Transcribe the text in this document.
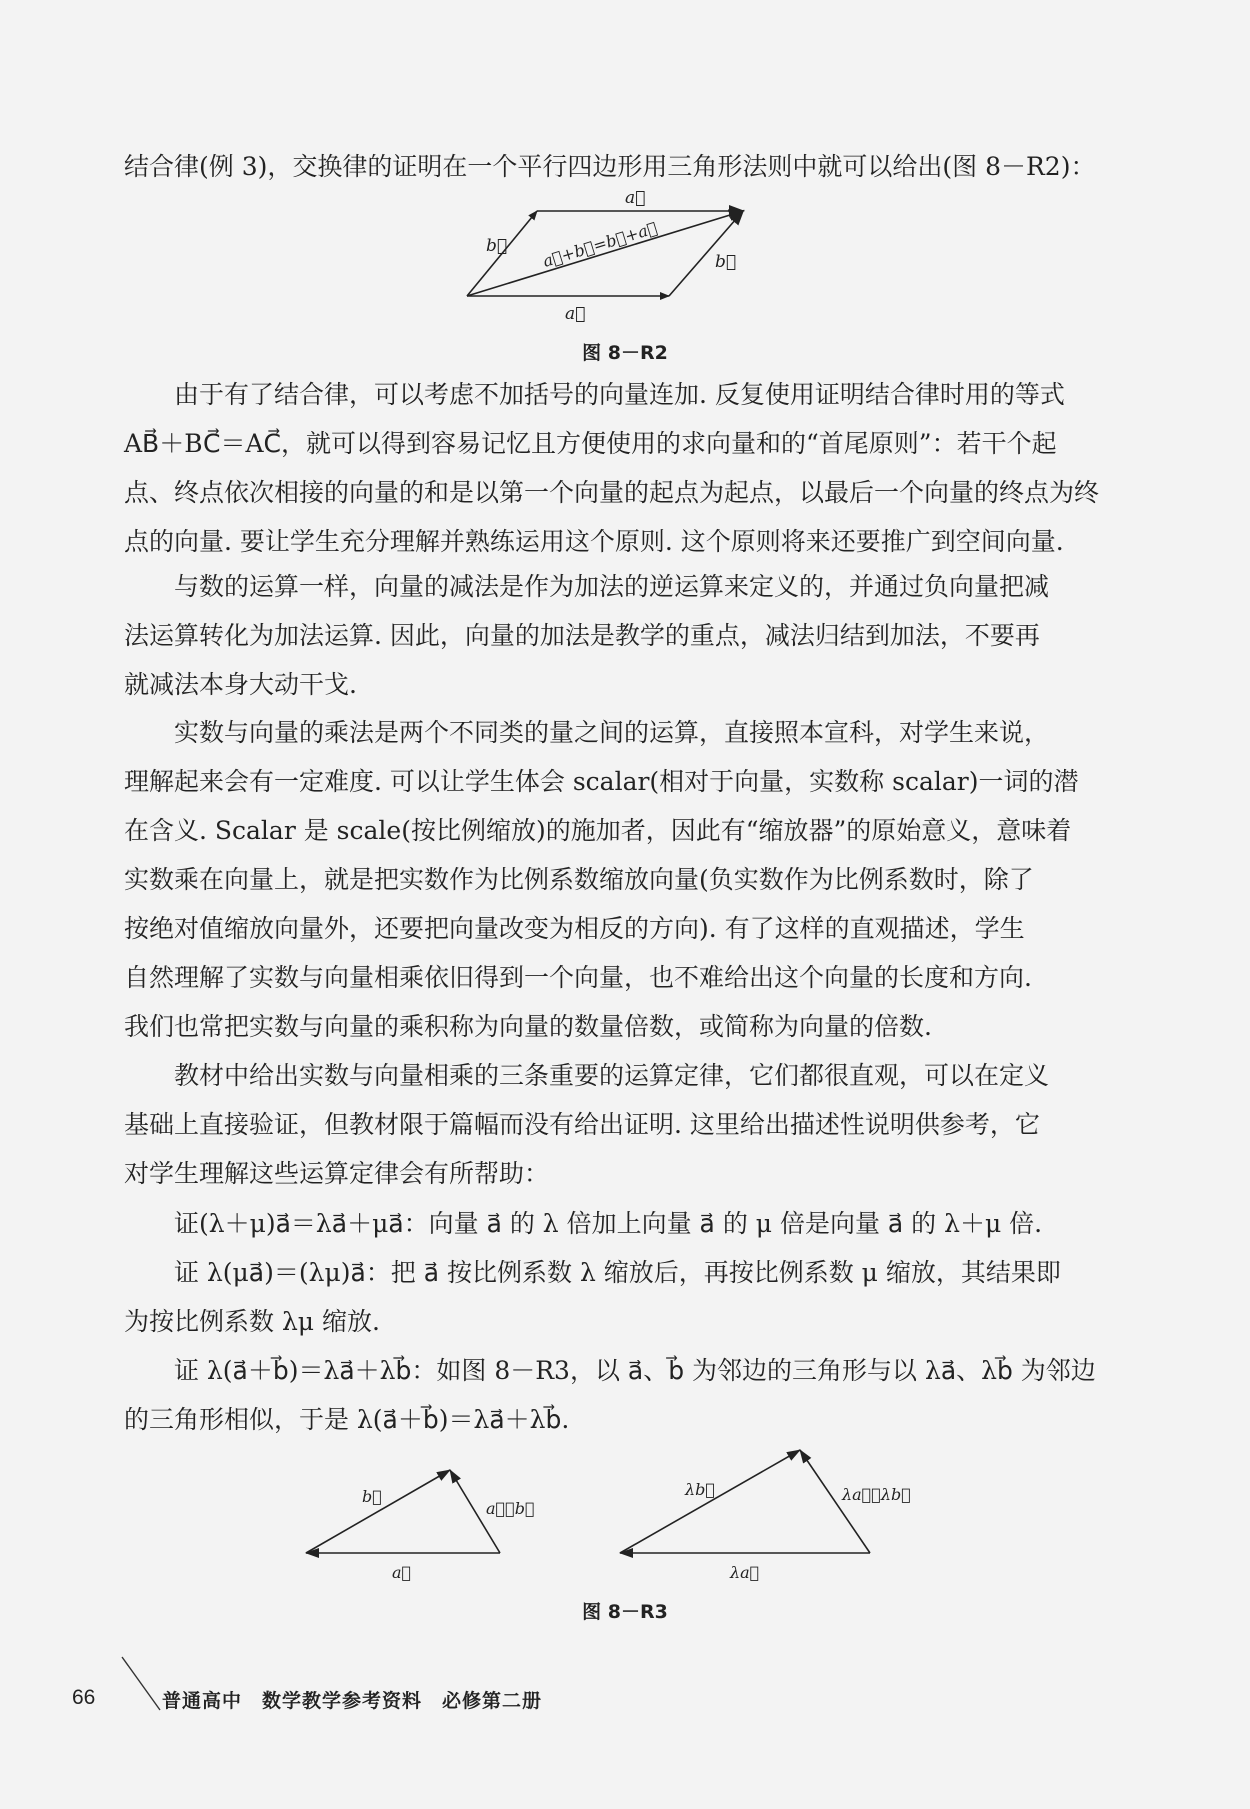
结合律(例 3)，交换律的证明在一个平行四边形用三角形法则中就可以给出(图 8－R2)：

a⃗
a⃗
b⃗
b⃗
a⃗+b⃗=b⃗+a⃗
图 8－R2

由于有了结合律，可以考虑不加括号的向量连加. 反复使用证明结合律时用的等式
AB⃗＋BC⃗＝AC⃗，就可以得到容易记忆且方便使用的求向量和的“首尾原则”：若干个起
点、终点依次相接的向量的和是以第一个向量的起点为起点，以最后一个向量的终点为终
点的向量. 要让学生充分理解并熟练运用这个原则. 这个原则将来还要推广到空间向量.

与数的运算一样，向量的减法是作为加法的逆运算来定义的，并通过负向量把减
法运算转化为加法运算. 因此，向量的加法是教学的重点，减法归结到加法，不要再
就减法本身大动干戈.

实数与向量的乘法是两个不同类的量之间的运算，直接照本宣科，对学生来说，
理解起来会有一定难度. 可以让学生体会 scalar(相对于向量，实数称 scalar)一词的潜
在含义. Scalar 是 scale(按比例缩放)的施加者，因此有“缩放器”的原始意义，意味着
实数乘在向量上，就是把实数作为比例系数缩放向量(负实数作为比例系数时，除了
按绝对值缩放向量外，还要把向量改变为相反的方向). 有了这样的直观描述，学生
自然理解了实数与向量相乘依旧得到一个向量，也不难给出这个向量的长度和方向.
我们也常把实数与向量的乘积称为向量的数量倍数，或简称为向量的倍数.

教材中给出实数与向量相乘的三条重要的运算定律，它们都很直观，可以在定义
基础上直接验证，但教材限于篇幅而没有给出证明. 这里给出描述性说明供参考，它
对学生理解这些运算定律会有所帮助：

证(λ＋μ)a⃗＝λa⃗＋μa⃗：向量 a⃗ 的 λ 倍加上向量 a⃗ 的 μ 倍是向量 a⃗ 的 λ＋μ 倍.

证 λ(μa⃗)＝(λμ)a⃗：把 a⃗ 按比例系数 λ 缩放后，再按比例系数 μ 缩放，其结果即
为按比例系数 λμ 缩放.

证 λ(a⃗＋b⃗)＝λa⃗＋λb⃗：如图 8－R3，以 a⃗、b⃗ 为邻边的三角形与以 λa⃗、λb⃗ 为邻边
的三角形相似，于是 λ(a⃗＋b⃗)＝λa⃗＋λb⃗.

a⃗
b⃗
a⃗＋b⃗
λa⃗
λb⃗	λa⃗＋λb⃗
图 8－R3
66	普通高中　数学教学参考资料　必修第二册
